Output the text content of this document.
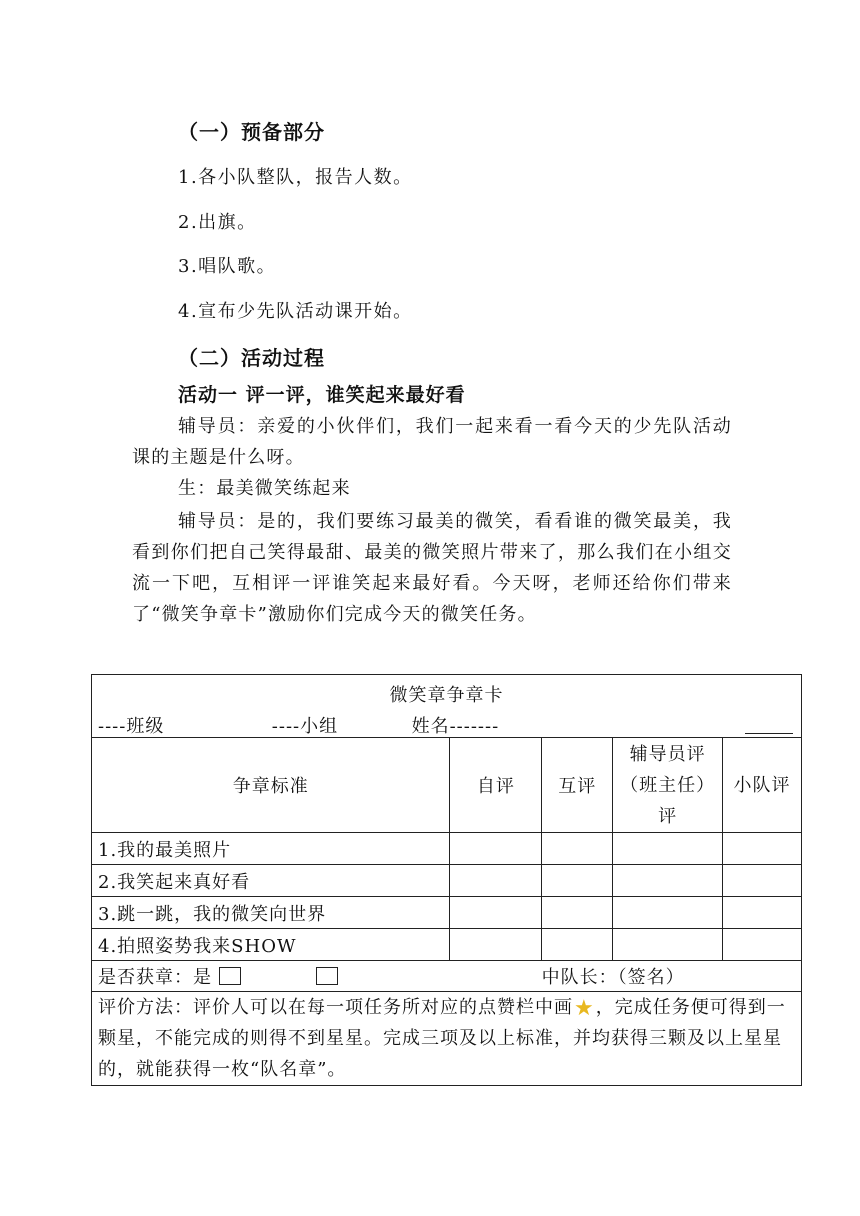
（一）预备部分
1.各小队整队，报告人数。
2.出旗。
3.唱队歌。
4.宣布少先队活动课开始。
（二）活动过程
活动一 评一评，谁笑起来最好看
辅导员：亲爱的小伙伴们，我们一起来看一看今天的少先队活动课的主题是什么呀。
生：最美微笑练起来
辅导员：是的，我们要练习最美的微笑，看看谁的微笑最美，我看到你们把自己笑得最甜、最美的微笑照片带来了，那么我们在小组交流一下吧，互相评一评谁笑起来最好看。今天呀，老师还给你们带来了“微笑争章卡”激励你们完成今天的微笑任务。
微笑章争章卡
----班级 ----小组 姓名-------				

争章标准	自评	互评	辅导员评（班主任）评	小队评
1.我的最美照片				
2.我笑起来真好看				
3.跳一跳，我的微笑向世界				
4.拍照姿势我来SHOW				
是否获章：是 中队长：（签名）				
评价方法：评价人可以在每一项任务所对应的点赞栏中画★，完成任务便可得到一颗星，不能完成的则得不到星星。完成三项及以上标准，并均获得三颗及以上星星的，就能获得一枚“队名章”。				
